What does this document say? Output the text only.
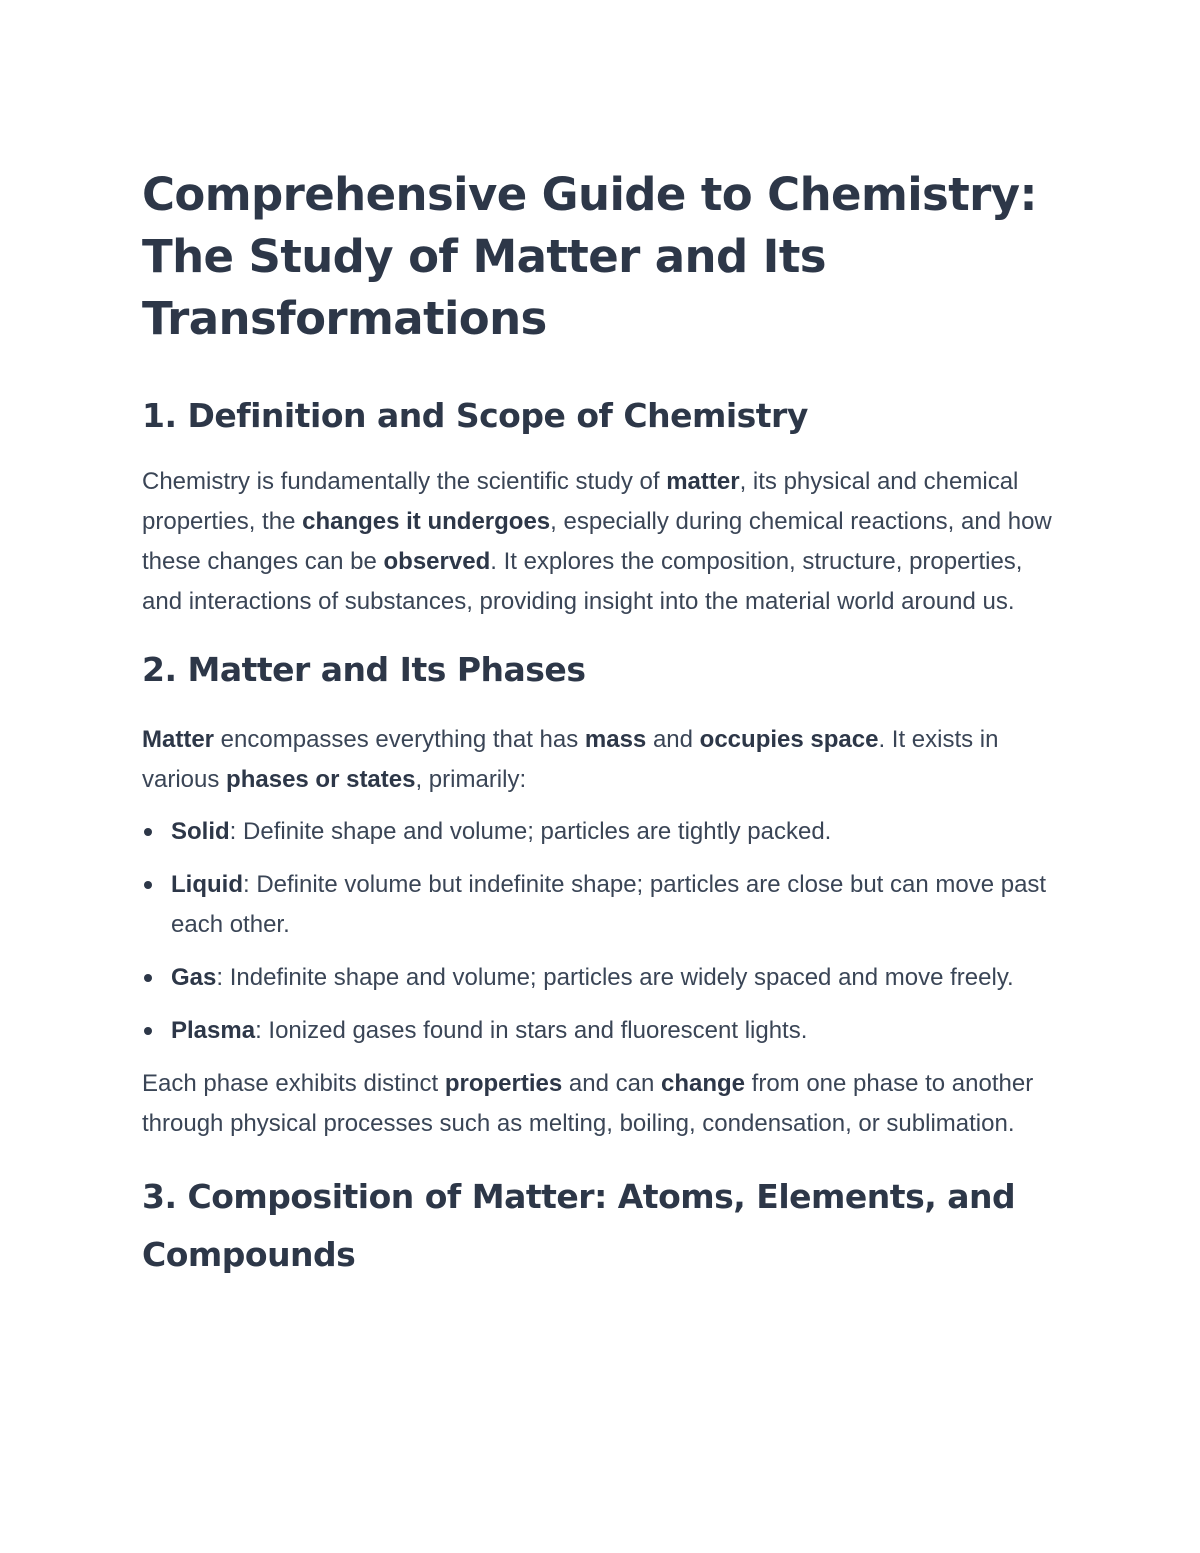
Comprehensive Guide to Chemistry: The Study of Matter and Its Transformations
1. Definition and Scope of Chemistry

Chemistry is fundamentally the scientific study of matter, its physical and chemical properties, the changes it undergoes, especially during chemical reactions, and how these changes can be observed. It explores the composition, structure, properties, and interactions of substances, providing insight into the material world around us.

2. Matter and Its Phases

Matter encompasses everything that has mass and occupies space. It exists in various phases or states, primarily:

Solid: Definite shape and volume; particles are tightly packed.
Liquid: Definite volume but indefinite shape; particles are close but can move past each other.
Gas: Indefinite shape and volume; particles are widely spaced and move freely.
Plasma: Ionized gases found in stars and fluorescent lights.

Each phase exhibits distinct properties and can change from one phase to another through physical processes such as melting, boiling, condensation, or sublimation.

3. Composition of Matter: Atoms, Elements, and Compounds
